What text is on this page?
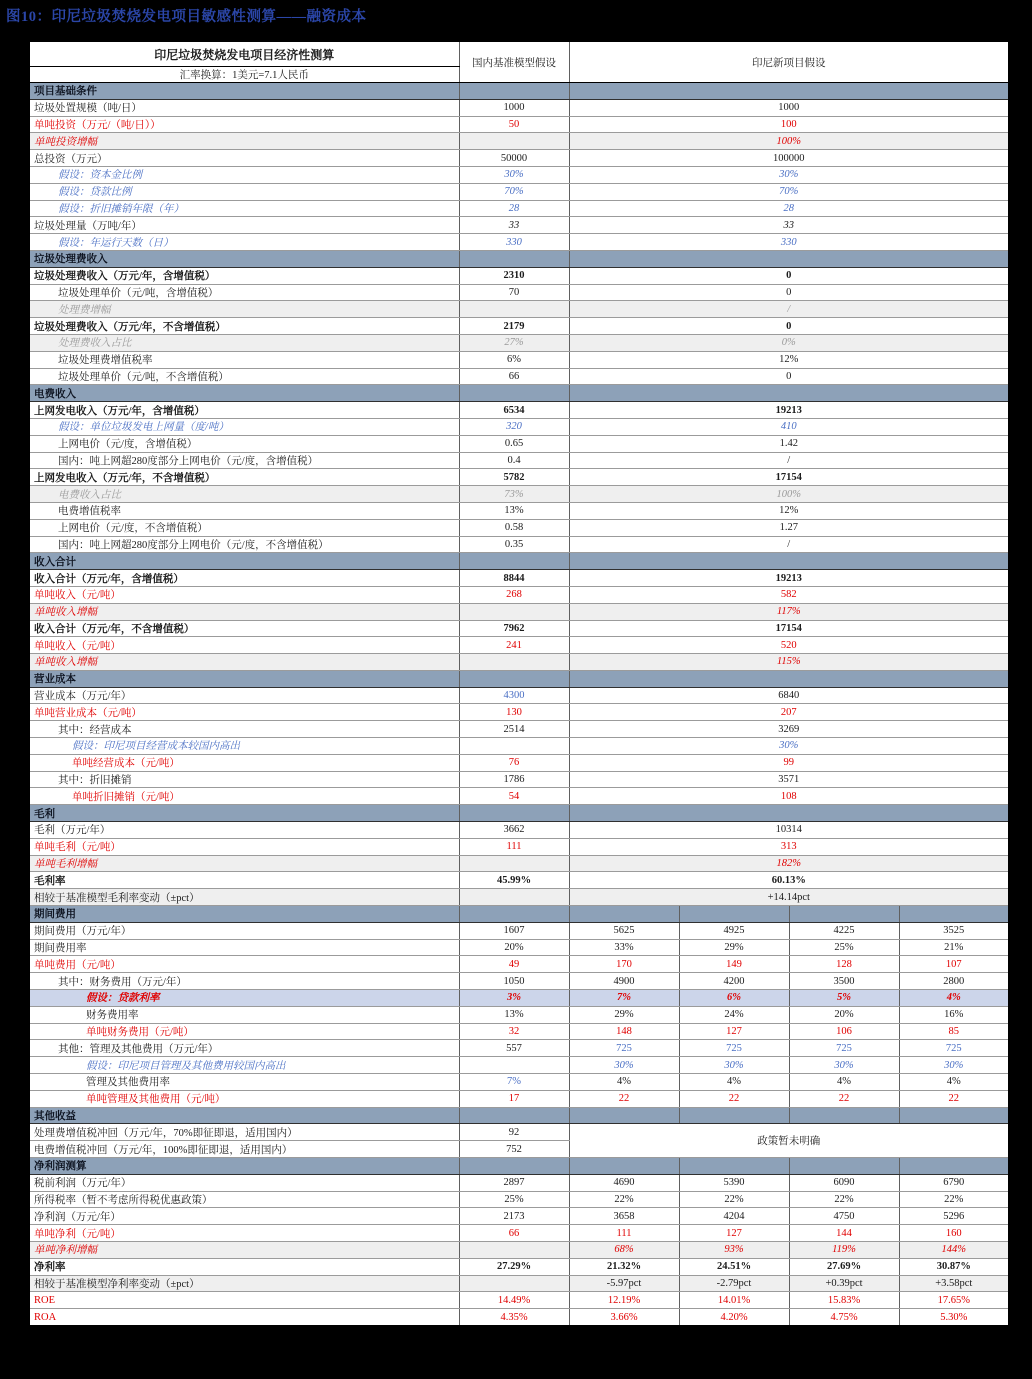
图10：印尼垃圾焚烧发电项目敏感性测算——融资成本
印尼垃圾焚烧发电项目经济性测算	国内基准模型假设	印尼新项目假设			
汇率换算：1美元=7.1人民币					
项目基础条件					
垃圾处置规模（吨/日）	1000	1000			
单吨投资（万元/（吨/日））	50	100			
单吨投资增幅		100%			
总投资（万元）	50000	100000			
假设：资本金比例	30%	30%			
假设：贷款比例	70%	70%			
假设：折旧摊销年限（年）	28	28			
垃圾处理量（万吨/年）	33	33			
假设：年运行天数（日）	330	330			
垃圾处理费收入					
垃圾处理费收入（万元/年，含增值税）	2310	0			
垃圾处理单价（元/吨，含增值税）	70	0			
处理费增幅		/			
垃圾处理费收入（万元/年，不含增值税）	2179	0			
处理费收入占比	27%	0%			
垃圾处理费增值税率	6%	12%			
垃圾处理单价（元/吨，不含增值税）	66	0			
电费收入					
上网发电收入（万元/年，含增值税）	6534	19213			
假设：单位垃圾发电上网量（度/吨）	320	410			
上网电价（元/度，含增值税）	0.65	1.42			
国内：吨上网超280度部分上网电价（元/度，含增值税）	0.4	/			
上网发电收入（万元/年，不含增值税）	5782	17154			
电费收入占比	73%	100%			
电费增值税率	13%	12%			
上网电价（元/度，不含增值税）	0.58	1.27			
国内：吨上网超280度部分上网电价（元/度，不含增值税）	0.35	/			
收入合计					
收入合计（万元/年，含增值税）	8844	19213			
单吨收入（元/吨）	268	582			
单吨收入增幅		117%			
收入合计（万元/年，不含增值税）	7962	17154			
单吨收入（元/吨）	241	520			
单吨收入增幅		115%			
营业成本					
营业成本（万元/年）	4300	6840			
单吨营业成本（元/吨）	130	207			
其中：经营成本	2514	3269			
假设：印尼项目经营成本较国内高出		30%			
单吨经营成本（元/吨）	76	99			
其中：折旧摊销	1786	3571			
单吨折旧摊销（元/吨）	54	108			
毛利					
毛利（万元/年）	3662	10314			
单吨毛利（元/吨）	111	313			
单吨毛利增幅		182%			
毛利率	45.99%	60.13%			
相较于基准模型毛利率变动（±pct）		+14.14pct			
期间费用					
期间费用（万元/年）	1607	5625	4925	4225	3525
期间费用率	20%	33%	29%	25%	21%
单吨费用（元/吨）	49	170	149	128	107
其中：财务费用（万元/年）	1050	4900	4200	3500	2800
假设：贷款利率	3%	7%	6%	5%	4%
财务费用率	13%	29%	24%	20%	16%
单吨财务费用（元/吨）	32	148	127	106	85
其他：管理及其他费用（万元/年）	557	725	725	725	725
假设：印尼项目管理及其他费用较国内高出		30%	30%	30%	30%
管理及其他费用率	7%	4%	4%	4%	4%
单吨管理及其他费用（元/吨）	17	22	22	22	22
其他收益					
处理费增值税冲回（万元/年，70%即征即退，适用国内）	92	政策暂未明确			
电费增值税冲回（万元/年，100%即征即退，适用国内）	752				
净利润测算					
税前利润（万元/年）	2897	4690	5390	6090	6790
所得税率（暂不考虑所得税优惠政策）	25%	22%	22%	22%	22%
净利润（万元/年）	2173	3658	4204	4750	5296
单吨净利（元/吨）	66	111	127	144	160
单吨净利增幅		68%	93%	119%	144%
净利率	27.29%	21.32%	24.51%	27.69%	30.87%
相较于基准模型净利率变动（±pct）		-5.97pct	-2.79pct	+0.39pct	+3.58pct
ROE	14.49%	12.19%	14.01%	15.83%	17.65%
ROA	4.35%	3.66%	4.20%	4.75%	5.30%
